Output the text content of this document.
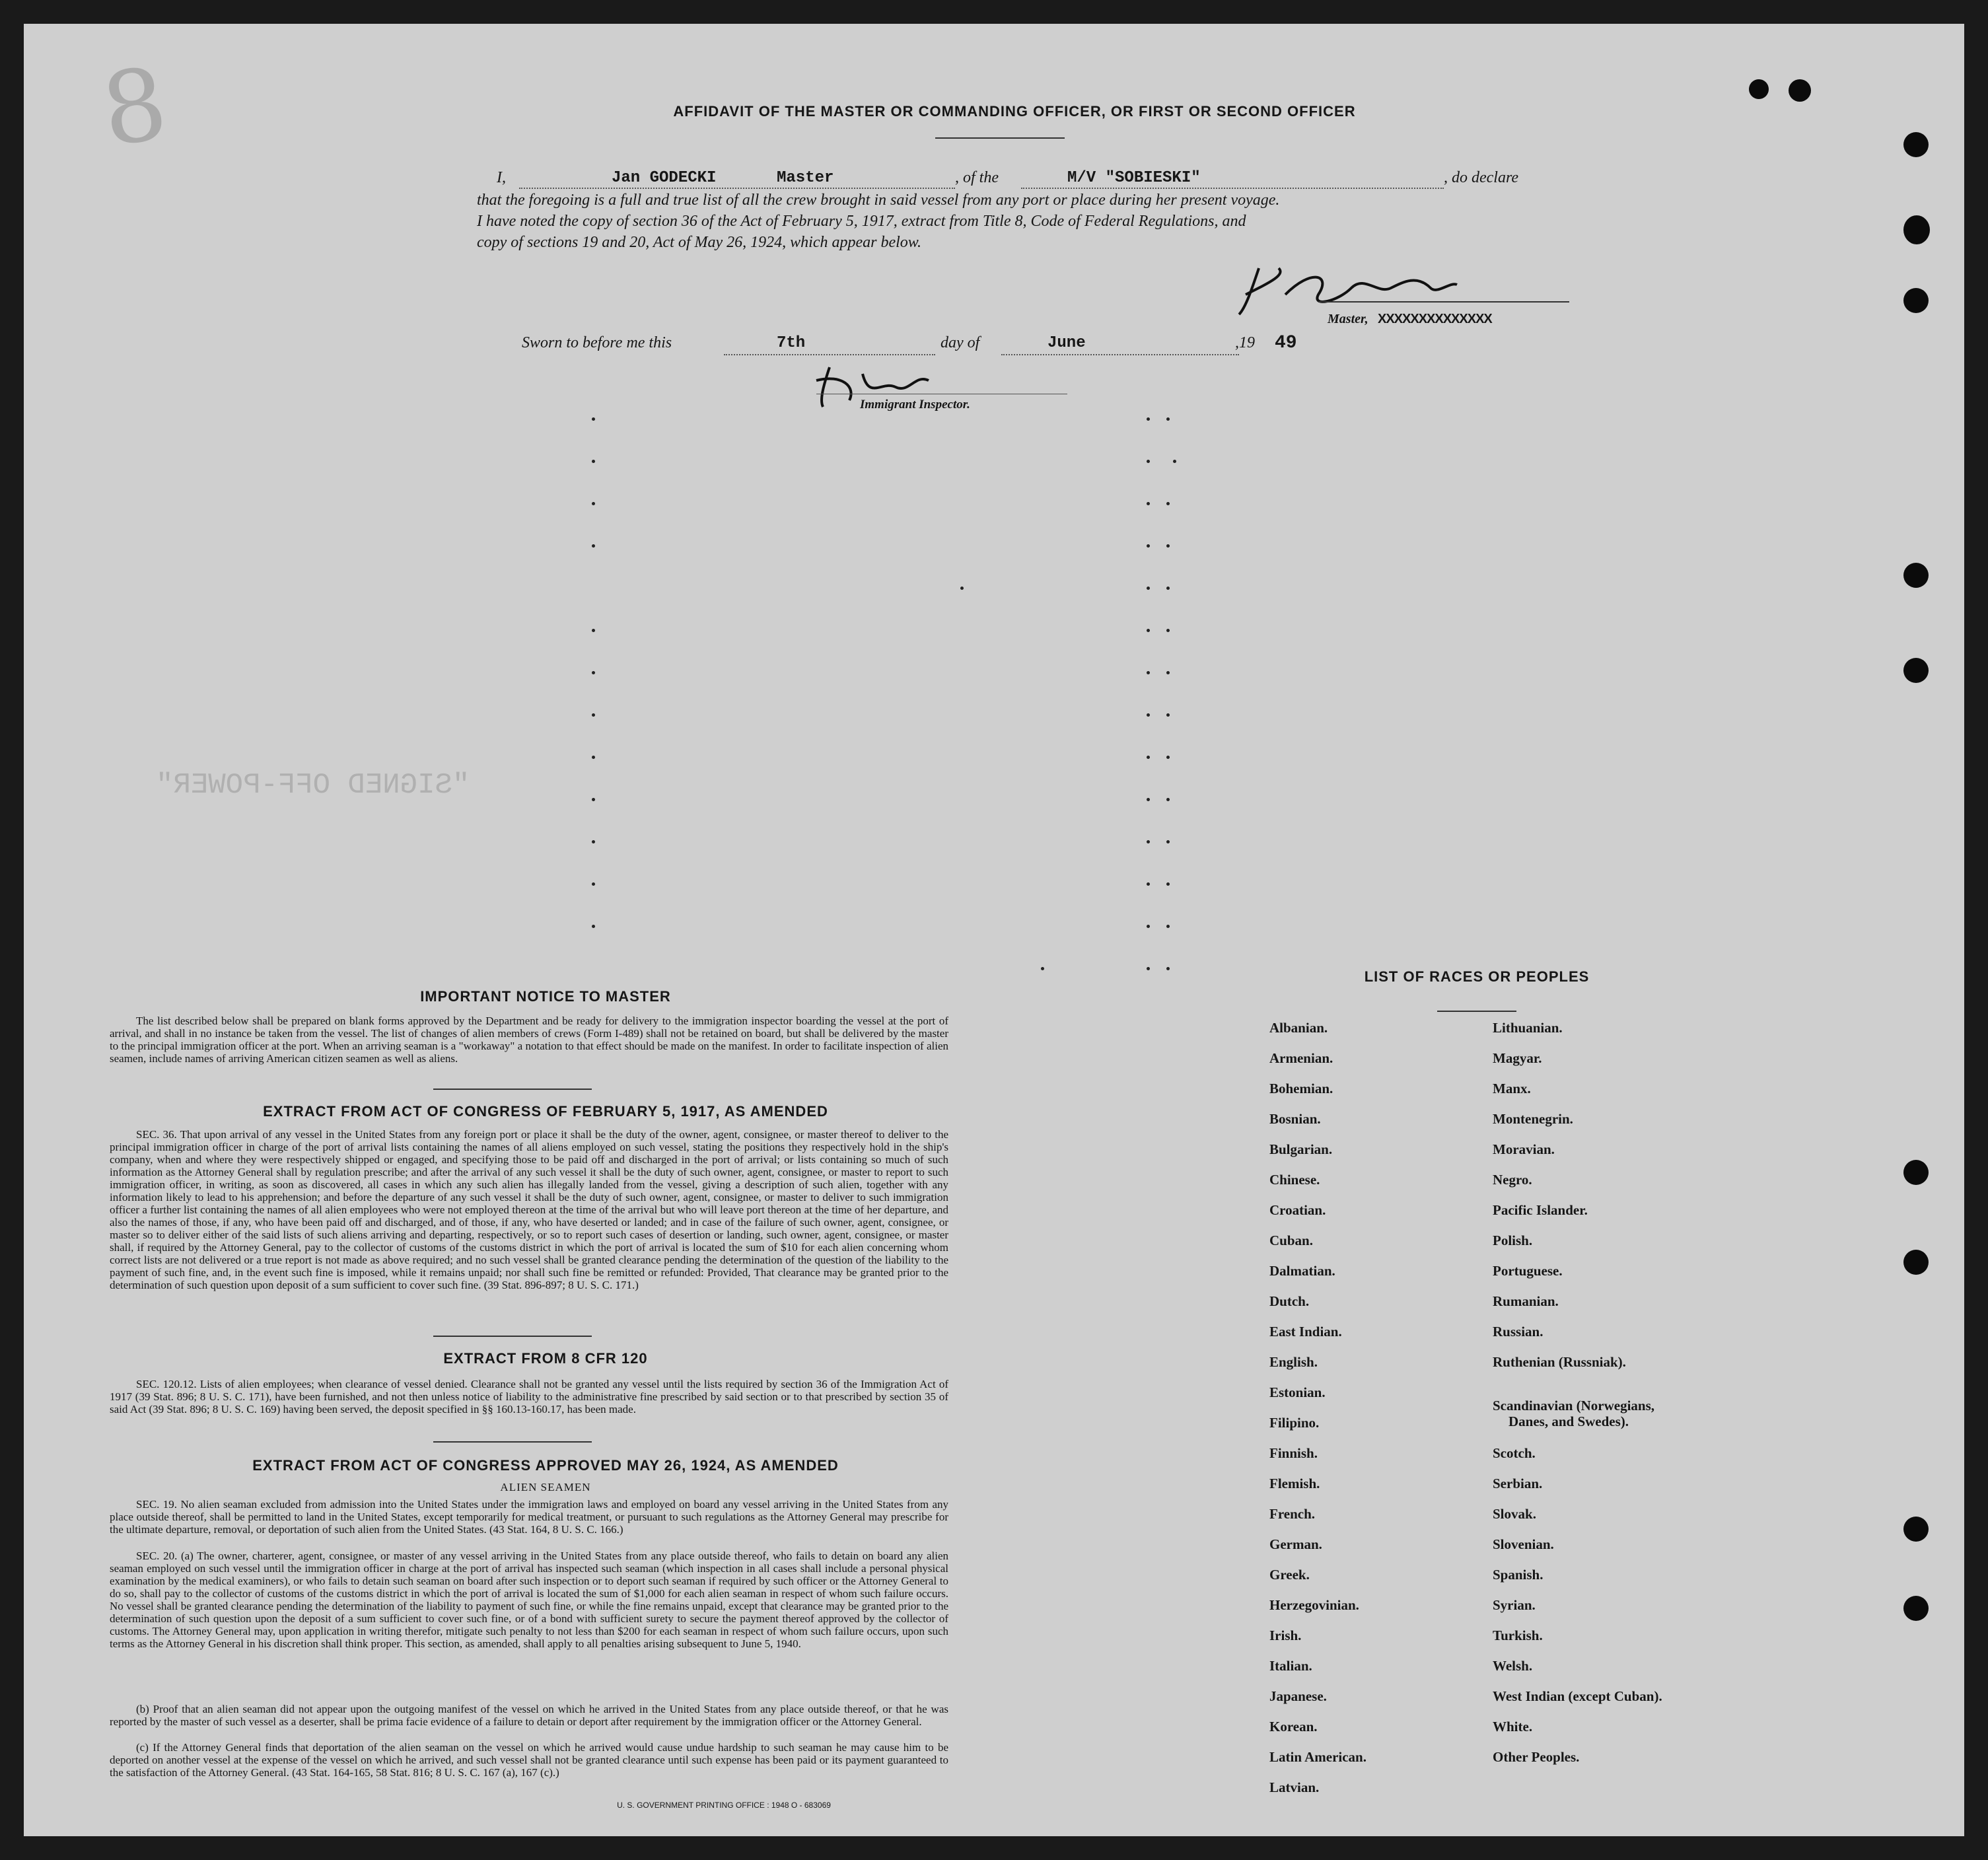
8
"SIGNED OFF-POWER"
AFFIDAVIT OF THE MASTER OR COMMANDING OFFICER, OR FIRST OR SECOND OFFICER
I,	Jan GODECKI	Master	, of the	M/V "SOBIESKI"	, do declare
that the foregoing is a full and true list of all the crew brought in said vessel from any port or place during her present voyage.
I have noted the copy of section 36 of the Act of February 5, 1917, extract from Title 8, Code of Federal Regulations, and
copy of sections 19 and 20, Act of May 26, 1924, which appear below.
Master, XXXXXXXXXXXXXX
Sworn to before me this	7th	day of	June	,19 49
Immigrant Inspector.
IMPORTANT NOTICE TO MASTER

The list described below shall be prepared on blank forms approved by the Department and be ready for delivery to the immigration inspector boarding the vessel at the port of arrival, and shall in no instance be taken from the vessel. The list of changes of alien members of crews (Form I-489) shall not be retained on board, but shall be delivered by the master to the principal immigration officer at the port. When an arriving seaman is a "workaway" a notation to that effect should be made on the manifest. In order to facilitate inspection of alien seamen, include names of arriving American citizen seamen as well as aliens.

EXTRACT FROM ACT OF CONGRESS OF FEBRUARY 5, 1917, AS AMENDED

SEC. 36. That upon arrival of any vessel in the United States from any foreign port or place it shall be the duty of the owner, agent, consignee, or master thereof to deliver to the principal immigration officer in charge of the port of arrival lists containing the names of all aliens employed on such vessel, stating the positions they respectively hold in the ship's company, when and where they were respectively shipped or engaged, and specifying those to be paid off and discharged in the port of arrival; or lists containing so much of such information as the Attorney General shall by regulation prescribe; and after the arrival of any such vessel it shall be the duty of such owner, agent, consignee, or master to report to such immigration officer, in writing, as soon as discovered, all cases in which any such alien has illegally landed from the vessel, giving a description of such alien, together with any information likely to lead to his apprehension; and before the departure of any such vessel it shall be the duty of such owner, agent, consignee, or master to deliver to such immigration officer a further list containing the names of all alien employees who were not employed thereon at the time of the arrival but who will leave port thereon at the time of her departure, and also the names of those, if any, who have been paid off and discharged, and of those, if any, who have deserted or landed; and in case of the failure of such owner, agent, consignee, or master so to deliver either of the said lists of such aliens arriving and departing, respectively, or so to report such cases of desertion or landing, such owner, agent, consignee, or master shall, if required by the Attorney General, pay to the collector of customs of the customs district in which the port of arrival is located the sum of $10 for each alien concerning whom correct lists are not delivered or a true report is not made as above required; and no such vessel shall be granted clearance pending the determination of the question of the liability to the payment of such fine, and, in the event such fine is imposed, while it remains unpaid; nor shall such fine be remitted or refunded: Provided, That clearance may be granted prior to the determination of such question upon deposit of a sum sufficient to cover such fine. (39 Stat. 896-897; 8 U. S. C. 171.)

EXTRACT FROM 8 CFR 120

SEC. 120.12. Lists of alien employees; when clearance of vessel denied. Clearance shall not be granted any vessel until the lists required by section 36 of the Immigration Act of 1917 (39 Stat. 896; 8 U. S. C. 171), have been furnished, and not then unless notice of liability to the administrative fine prescribed by said section or to that prescribed by section 35 of said Act (39 Stat. 896; 8 U. S. C. 169) having been served, the deposit specified in §§ 160.13-160.17, has been made.

EXTRACT FROM ACT OF CONGRESS APPROVED MAY 26, 1924, AS AMENDED
ALIEN SEAMEN

SEC. 19. No alien seaman excluded from admission into the United States under the immigration laws and employed on board any vessel arriving in the United States from any place outside thereof, shall be permitted to land in the United States, except temporarily for medical treatment, or pursuant to such regulations as the Attorney General may prescribe for the ultimate departure, removal, or deportation of such alien from the United States. (43 Stat. 164, 8 U. S. C. 166.)

SEC. 20. (a) The owner, charterer, agent, consignee, or master of any vessel arriving in the United States from any place outside thereof, who fails to detain on board any alien seaman employed on such vessel until the immigration officer in charge at the port of arrival has inspected such seaman (which inspection in all cases shall include a personal physical examination by the medical examiners), or who fails to detain such seaman on board after such inspection or to deport such seaman if required by such officer or the Attorney General to do so, shall pay to the collector of customs of the customs district in which the port of arrival is located the sum of $1,000 for each alien seaman in respect of whom such failure occurs. No vessel shall be granted clearance pending the determination of the liability to payment of such fine, or while the fine remains unpaid, except that clearance may be granted prior to the determination of such question upon the deposit of a sum sufficient to cover such fine, or of a bond with sufficient surety to secure the payment thereof approved by the collector of customs. The Attorney General may, upon application in writing therefor, mitigate such penalty to not less than $200 for each seaman in respect of whom such failure occurs, upon such terms as the Attorney General in his discretion shall think proper. This section, as amended, shall apply to all penalties arising subsequent to June 5, 1940.

(b) Proof that an alien seaman did not appear upon the outgoing manifest of the vessel on which he arrived in the United States from any place outside thereof, or that he was reported by the master of such vessel as a deserter, shall be prima facie evidence of a failure to detain or deport after requirement by the immigration officer or the Attorney General.

(c) If the Attorney General finds that deportation of the alien seaman on the vessel on which he arrived would cause undue hardship to such seaman he may cause him to be deported on another vessel at the expense of the vessel on which he arrived, and such vessel shall not be granted clearance until such expense has been paid or its payment guaranteed to the satisfaction of the Attorney General. (43 Stat. 164-165, 58 Stat. 816; 8 U. S. C. 167 (a), 167 (c).)

U. S. GOVERNMENT PRINTING OFFICE : 1948 O - 683069
LIST OF RACES OR PEOPLES
Albanian.
Armenian.
Bohemian.
Bosnian.
Bulgarian.
Chinese.
Croatian.
Cuban.
Dalmatian.
Dutch.
East Indian.
English.
Estonian.
Filipino.
Finnish.
Flemish.
French.
German.
Greek.
Herzegovinian.
Irish.
Italian.
Japanese.
Korean.
Latin American.
Latvian.
Lithuanian.
Magyar.
Manx.
Montenegrin.
Moravian.
Negro.
Pacific Islander.
Polish.
Portuguese.
Rumanian.
Russian.
Ruthenian (Russniak).
Scandinavian (Norwegians,
Danes, and Swedes).
Scotch.
Serbian.
Slovak.
Slovenian.
Spanish.
Syrian.
Turkish.
Welsh.
West Indian (except Cuban).
White.
Other Peoples.
